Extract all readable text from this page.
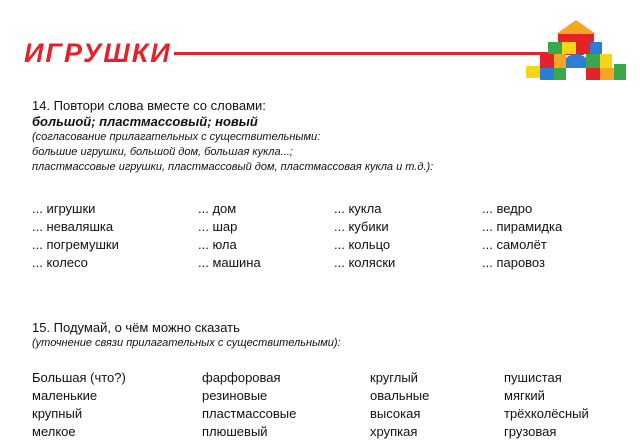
ИГРУШКИ

14. Повтори слова вместе со словами:

большой; пластмассовый; новый

(согласование прилагательных с существительными:

большие игрушки, большой дом, большая кукла...;

пластмассовые игрушки, пластмассовый дом, пластмассовая кукла и т.д.):

... игрушки	... дом	... кукла	... ведро
... неваляшка	... шар	... кубики	... пирамидка
... погремушки	... юла	... кольцо	... самолёт
... колесо	... машина	... коляски	... паровоз

15. Подумай, о чём можно сказать

(уточнение связи прилагательных с существительными):

Большая (что?)	фарфоровая	круглый	пушистая
маленькие	резиновые	овальные	мягкий
крупный	пластмассовые	высокая	трёхколёсный
мелкое	плюшевый	хрупкая	грузовая
